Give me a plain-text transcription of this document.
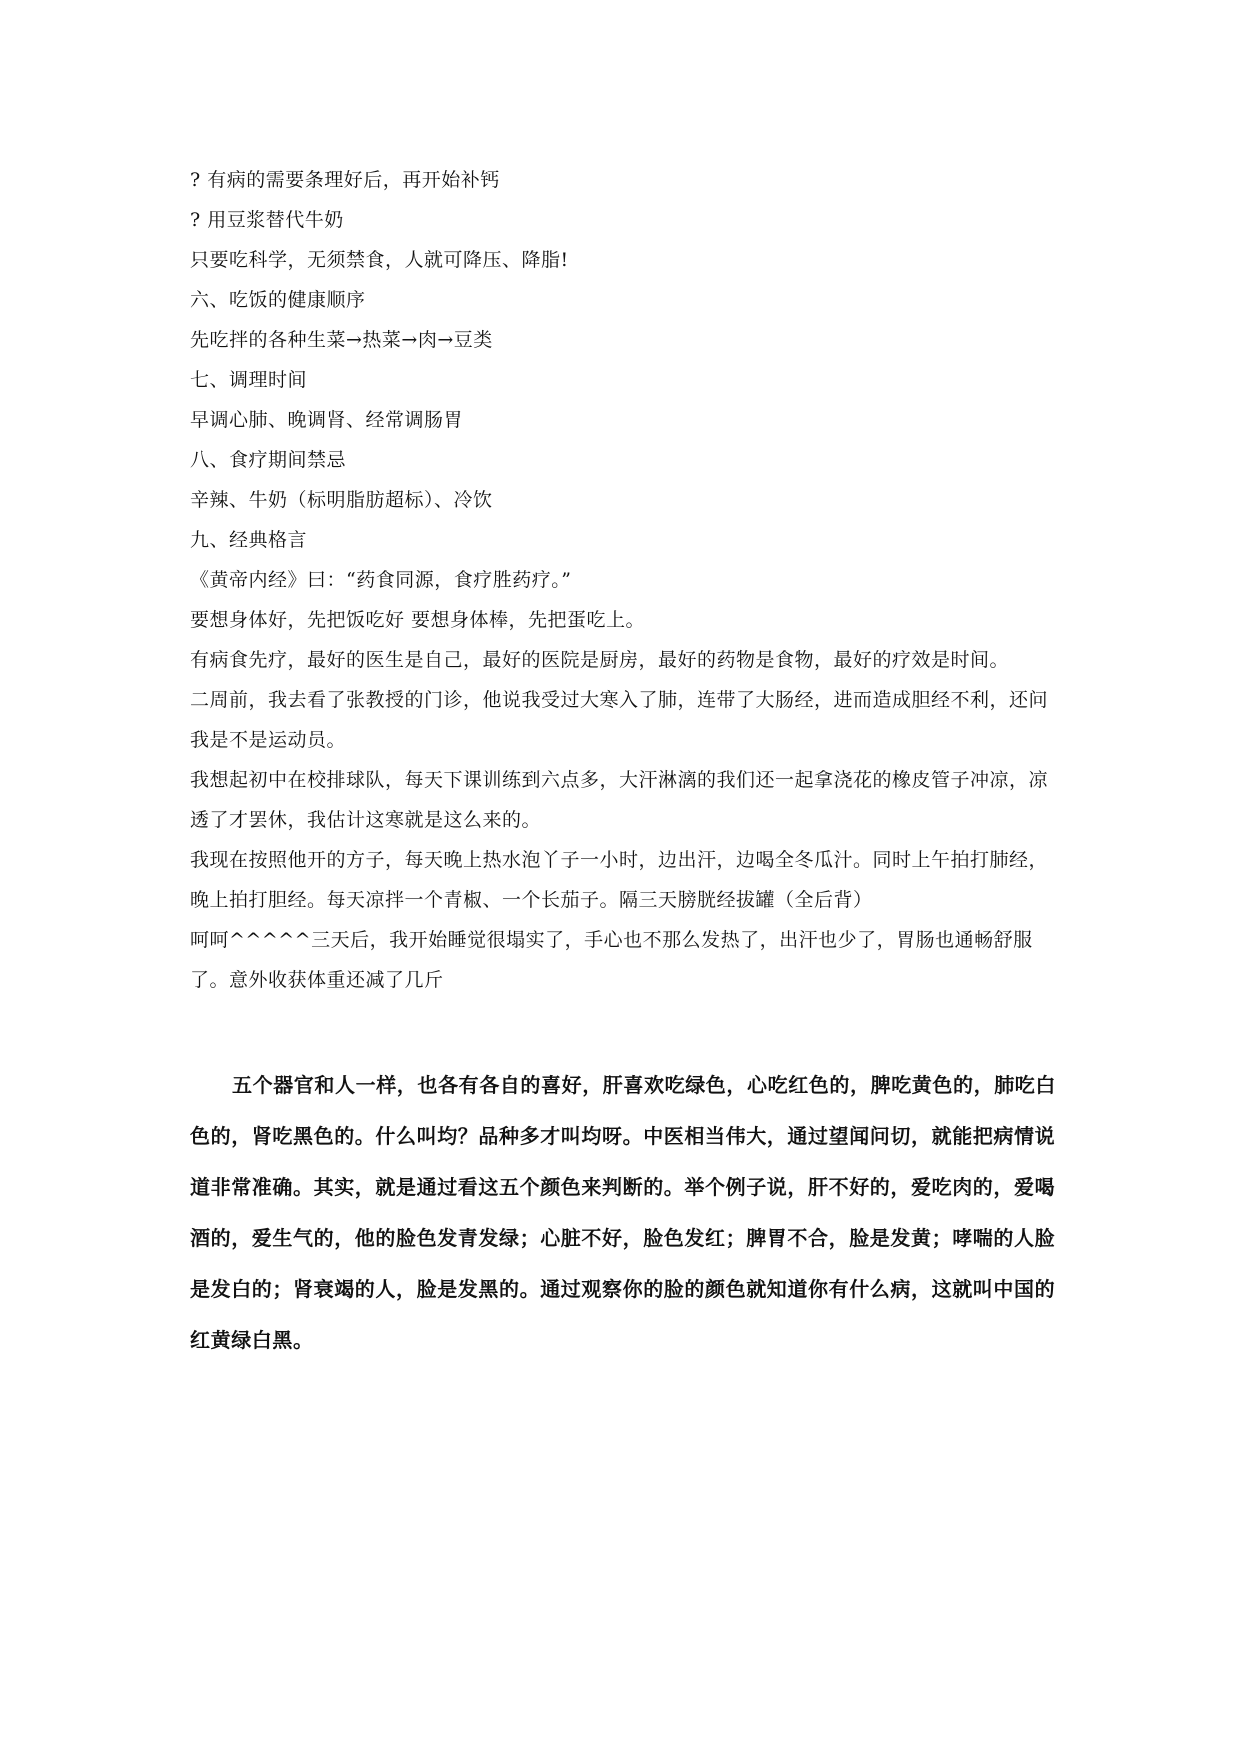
? 有病的需要条理好后，再开始补钙
? 用豆浆替代牛奶
只要吃科学，无须禁食，人就可降压、降脂!
六、吃饭的健康顺序
先吃拌的各种生菜→热菜→肉→豆类
七、调理时间
早调心肺、晚调肾、经常调肠胃
八、食疗期间禁忌
辛辣、牛奶（标明脂肪超标）、冷饮
九、经典格言
《黄帝内经》曰：“药食同源，食疗胜药疗。”
要想身体好，先把饭吃好 要想身体棒，先把蛋吃上。
有病食先疗，最好的医生是自己，最好的医院是厨房，最好的药物是食物，最好的疗效是时间。
二周前，我去看了张教授的门诊，他说我受过大寒入了肺，连带了大肠经，进而造成胆经不利，还问我是不是运动员。
我想起初中在校排球队，每天下课训练到六点多，大汗淋漓的我们还一起拿浇花的橡皮管子冲凉，凉透了才罢休，我估计这寒就是这么来的。
我现在按照他开的方子，每天晚上热水泡丫子一小时，边出汗，边喝全冬瓜汁。同时上午拍打肺经，晚上拍打胆经。每天凉拌一个青椒、一个长茄子。隔三天膀胱经拔罐（全后背）
呵呵^^^^^三天后，我开始睡觉很塌实了，手心也不那么发热了，出汗也少了，胃肠也通畅舒服了。意外收获体重还减了几斤
五个器官和人一样，也各有各自的喜好，肝喜欢吃绿色，心吃红色的，脾吃黄色的，肺吃白色的，肾吃黑色的。什么叫均？品种多才叫均呀。中医相当伟大，通过望闻问切，就能把病情说道非常准确。其实，就是通过看这五个颜色来判断的。举个例子说，肝不好的，爱吃肉的，爱喝酒的，爱生气的，他的脸色发青发绿；心脏不好，脸色发红；脾胃不合，脸是发黄；哮喘的人脸是发白的；肾衰竭的人，脸是发黑的。通过观察你的脸的颜色就知道你有什么病，这就叫中国的红黄绿白黑。
